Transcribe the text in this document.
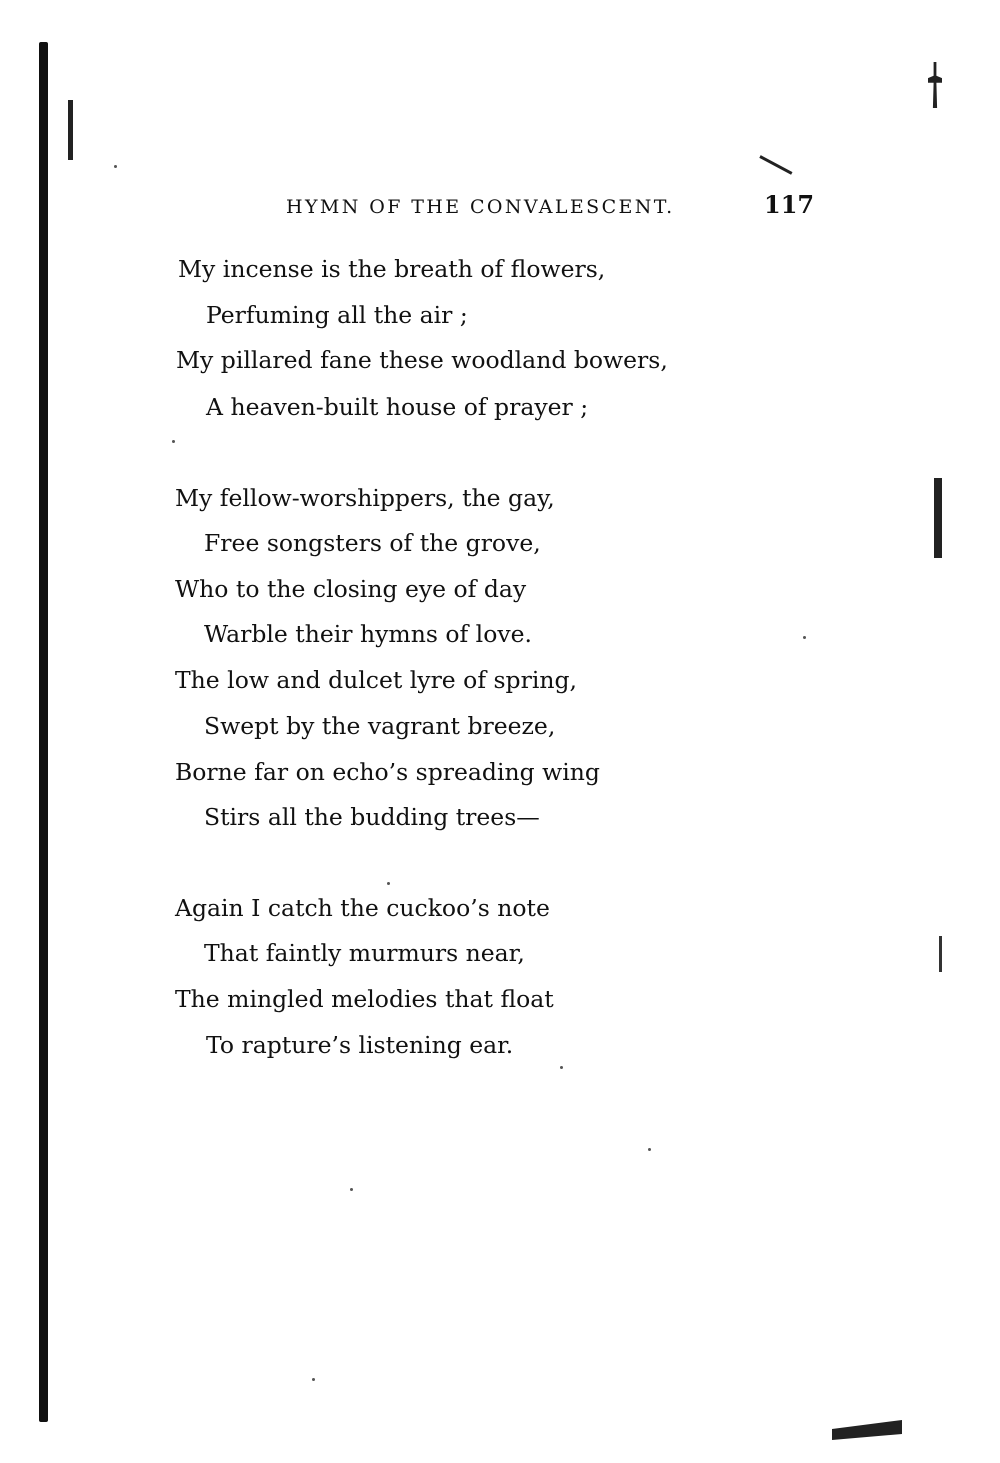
HYMN OF THE CONVALESCENT.	117
My incense is the breath of flowers,
Perfuming all the air ;
My pillared fane these woodland bowers,
A heaven-built house of prayer ;
My fellow-worshippers, the gay,
Free songsters of the grove,
Who to the closing eye of day
Warble their hymns of love.
The low and dulcet lyre of spring,
Swept by the vagrant breeze,
Borne far on echo’s spreading wing
Stirs all the budding trees—
Again I catch the cuckoo’s note
That faintly murmurs near,
The mingled melodies that float
To rapture’s listening ear.
